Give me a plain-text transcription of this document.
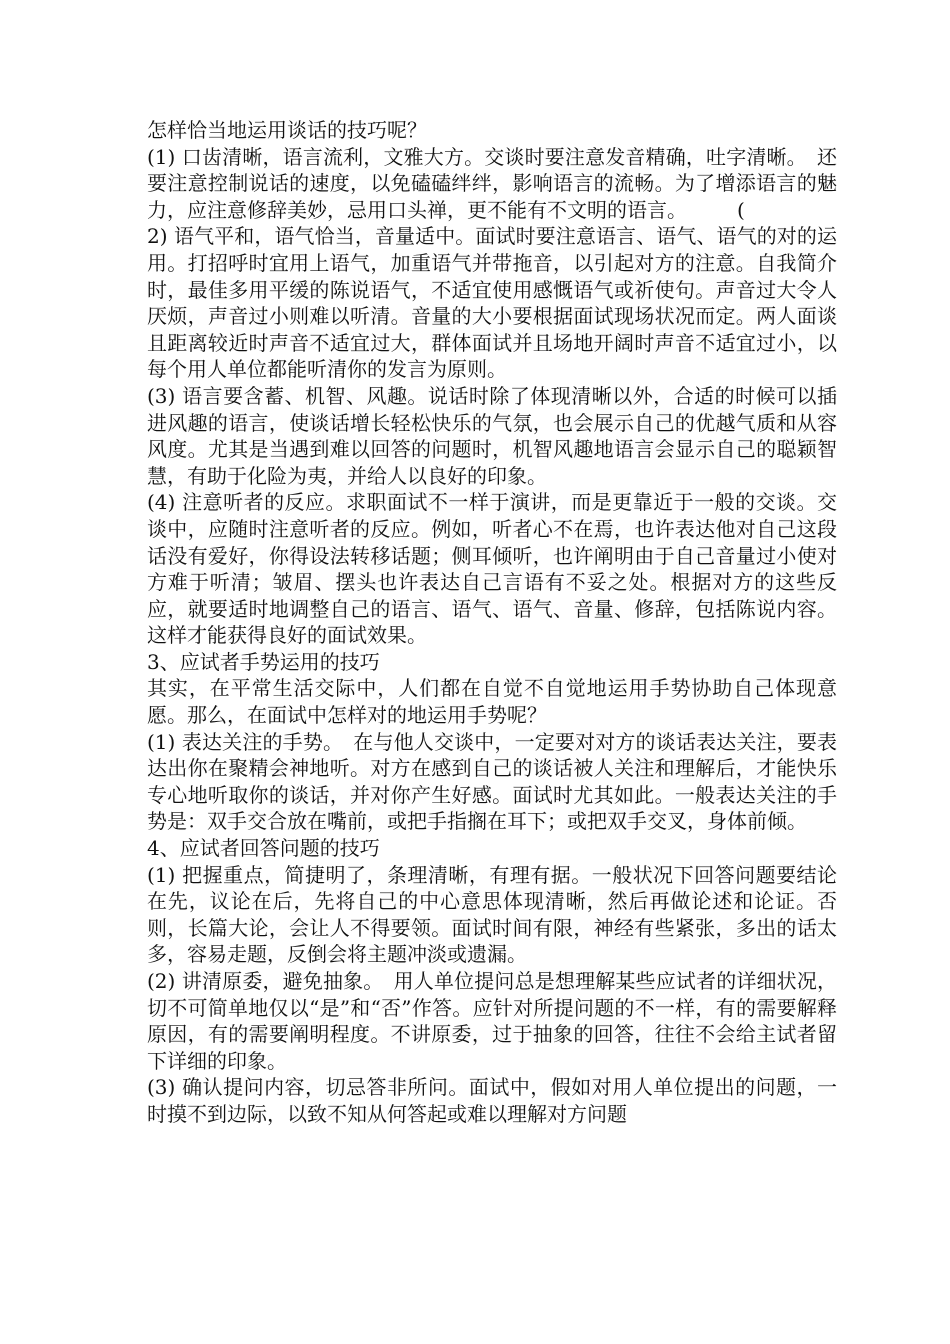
怎样恰当地运用谈话的技巧呢？

(1) 口齿清晰，语言流利，文雅大方。交谈时要注意发音精确，吐字清晰。　还要注意控制说话的速度，以免磕磕绊绊，影响语言的流畅。为了增添语言的魅力，应注意修辞美妙，忌用口头禅，更不能有不文明的语言。　　　(

2) 语气平和，语气恰当，音量适中。面试时要注意语言、语气、语气的对的运用。打招呼时宜用上语气，加重语气并带拖音，以引起对方的注意。自我简介时，最佳多用平缓的陈说语气，不适宜使用感慨语气或祈使句。声音过大令人厌烦，声音过小则难以听清。音量的大小要根据面试现场状况而定。两人面谈且距离较近时声音不适宜过大，群体面试并且场地开阔时声音不适宜过小，以每个用人单位都能听清你的发言为原则。

(3) 语言要含蓄、机智、风趣。说话时除了体现清晰以外，合适的时候可以插进风趣的语言，使谈话增长轻松快乐的气氛，也会展示自己的优越气质和从容风度。尤其是当遇到难以回答的问题时，机智风趣地语言会显示自己的聪颖智慧，有助于化险为夷，并给人以良好的印象。

(4) 注意听者的反应。求职面试不一样于演讲，而是更靠近于一般的交谈。交谈中，应随时注意听者的反应。例如，听者心不在焉，也许表达他对自己这段话没有爱好，你得设法转移话题；侧耳倾听，也许阐明由于自己音量过小使对方难于听清；皱眉、摆头也许表达自己言语有不妥之处。根据对方的这些反应，就要适时地调整自己的语言、语气、语气、音量、修辞，包括陈说内容。这样才能获得良好的面试效果。

3、应试者手势运用的技巧

其实，在平常生活交际中，人们都在自觉不自觉地运用手势协助自己体现意愿。那么，在面试中怎样对的地运用手势呢？

(1) 表达关注的手势。　在与他人交谈中，一定要对对方的谈话表达关注，要表达出你在聚精会神地听。对方在感到自己的谈话被人关注和理解后，才能快乐专心地听取你的谈话，并对你产生好感。面试时尤其如此。一般表达关注的手势是：双手交合放在嘴前，或把手指搁在耳下；或把双手交叉，身体前倾。

4、应试者回答问题的技巧

(1) 把握重点，简捷明了，条理清晰，有理有据。一般状况下回答问题要结论在先，议论在后，先将自己的中心意思体现清晰，然后再做论述和论证。否则，长篇大论，会让人不得要领。面试时间有限，神经有些紧张，多出的话太多，容易走题，反倒会将主题冲淡或遗漏。

(2) 讲清原委，避免抽象。　用人单位提问总是想理解某些应试者的详细状况，切不可简单地仅以“是”和“否”作答。应针对所提问题的不一样，有的需要解释原因，有的需要阐明程度。不讲原委，过于抽象的回答，往往不会给主试者留下详细的印象。

(3) 确认提问内容，切忌答非所问。面试中，假如对用人单位提出的问题，一时摸不到边际，以致不知从何答起或难以理解对方问题
